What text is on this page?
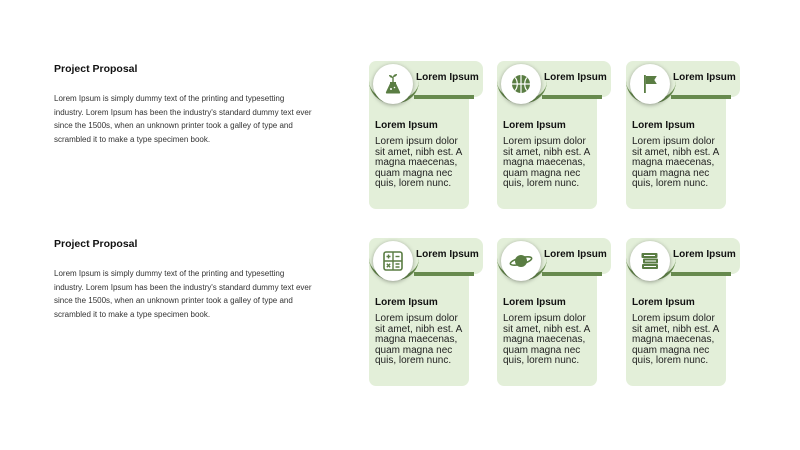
Project Proposal

Lorem Ipsum is simply dummy text of the printing and typesetting industry. Lorem Ipsum has been the industry's standard dummy text ever since the 1500s, when an unknown printer took a galley of type and scrambled it to make a type specimen book.

Project Proposal

Lorem Ipsum is simply dummy text of the printing and typesetting industry. Lorem Ipsum has been the industry's standard dummy text ever since the 1500s, when an unknown printer took a galley of type and scrambled it to make a type specimen book.

Lorem Ipsum
Lorem Ipsum

Lorem ipsum dolor sit amet, nibh est. A magna maecenas, quam magna nec quis, lorem nunc.

Lorem Ipsum
Lorem Ipsum

Lorem ipsum dolor sit amet, nibh est. A magna maecenas, quam magna nec quis, lorem nunc.

Lorem Ipsum
Lorem Ipsum

Lorem ipsum dolor sit amet, nibh est. A magna maecenas, quam magna nec quis, lorem nunc.

Lorem Ipsum
Lorem Ipsum

Lorem ipsum dolor sit amet, nibh est. A magna maecenas, quam magna nec quis, lorem nunc.

Lorem Ipsum
Lorem Ipsum

Lorem ipsum dolor sit amet, nibh est. A magna maecenas, quam magna nec quis, lorem nunc.

Lorem Ipsum
Lorem Ipsum

Lorem ipsum dolor sit amet, nibh est. A magna maecenas, quam magna nec quis, lorem nunc.
